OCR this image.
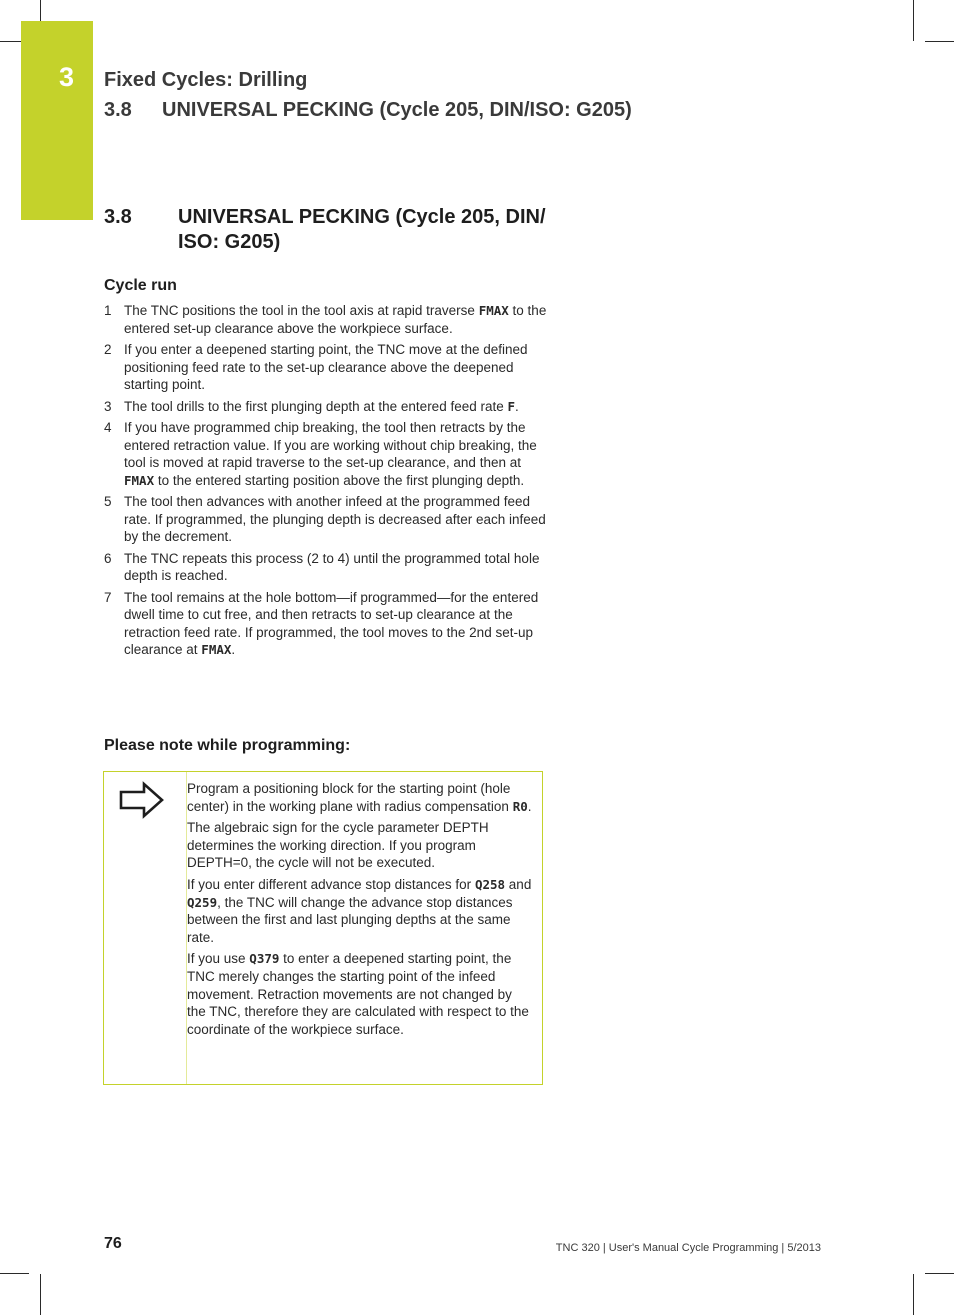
3 Fixed Cycles: Drilling
3.8 UNIVERSAL PECKING (Cycle 205, DIN/ISO: G205)
3.8 UNIVERSAL PECKING (Cycle 205, DIN/ ISO: G205)
Cycle run
1 The TNC positions the tool in the tool axis at rapid traverse FMAX to the entered set-up clearance above the workpiece surface.
2 If you enter a deepened starting point, the TNC move at the defined positioning feed rate to the set-up clearance above the deepened starting point.
3 The tool drills to the first plunging depth at the entered feed rate F.
4 If you have programmed chip breaking, the tool then retracts by the entered retraction value. If you are working without chip breaking, the tool is moved at rapid traverse to the set-up clearance, and then at FMAX to the entered starting position above the first plunging depth.
5 The tool then advances with another infeed at the programmed feed rate. If programmed, the plunging depth is decreased after each infeed by the decrement.
6 The TNC repeats this process (2 to 4) until the programmed total hole depth is reached.
7 The tool remains at the hole bottom—if programmed—for the entered dwell time to cut free, and then retracts to set-up clearance at the retraction feed rate. If programmed, the tool moves to the 2nd set-up clearance at FMAX.
Please note while programming:

Program a positioning block for the starting point (hole center) in the working plane with radius compensation R0.

The algebraic sign for the cycle parameter DEPTH determines the working direction. If you program DEPTH=0, the cycle will not be executed.

If you enter different advance stop distances for Q258 and Q259, the TNC will change the advance stop distances between the first and last plunging depths at the same rate.

If you use Q379 to enter a deepened starting point, the TNC merely changes the starting point of the infeed movement. Retraction movements are not changed by the TNC, therefore they are calculated with respect to the coordinate of the workpiece surface.

76	TNC 320 | User's Manual Cycle Programming | 5/2013
